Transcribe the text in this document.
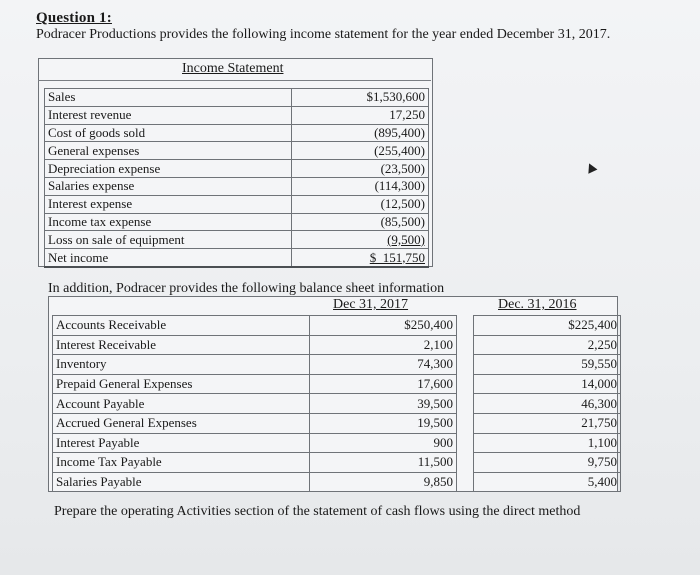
Question 1:
Podracer Productions provides the following income statement for the year ended December 31, 2017.
Income Statement
Sales	$1,530,600
Interest revenue	17,250
Cost of goods sold	(895,400)
General expenses	(255,400)
Depreciation expense	(23,500)
Salaries expense	(114,300)
Interest expense	(12,500)
Income tax expense	(85,500)
Loss on sale of equipment	(9,500)
Net income	$  151,750
In addition, Podracer provides the following balance sheet information
Dec 31, 2017	Dec. 31, 2016
Accounts Receivable	$250,400		$225,400
Interest Receivable	2,100		2,250
Inventory	74,300		59,550
Prepaid General Expenses	17,600		14,000
Account Payable	39,500		46,300
Accrued General Expenses	19,500		21,750
Interest Payable	900		1,100
Income Tax Payable	11,500		9,750
Salaries Payable	9,850		5,400
Prepare the operating Activities section of the statement of cash flows using the direct method
